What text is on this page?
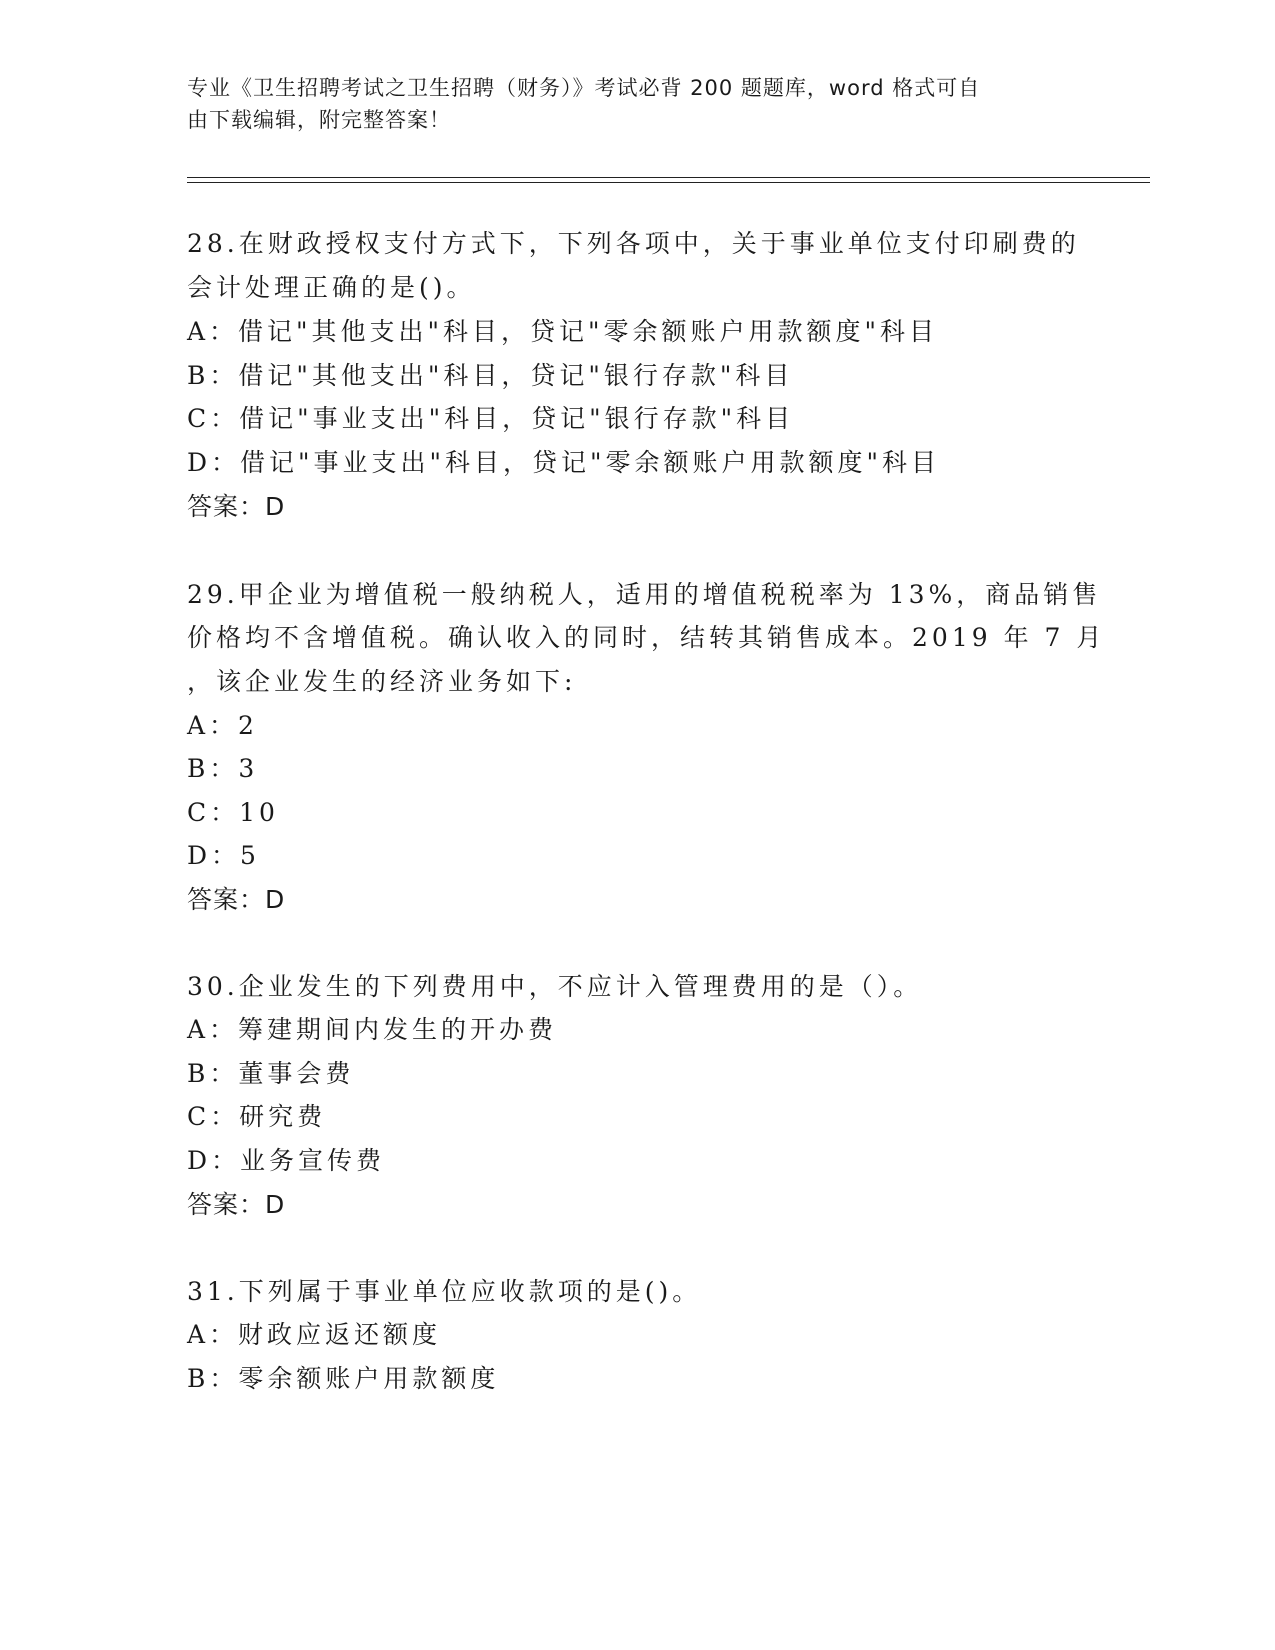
专业《卫生招聘考试之卫生招聘（财务）》考试必背 200 题题库，word 格式可自

由下载编辑，附完整答案！

28.在财政授权支付方式下，下列各项中，关于事业单位支付印刷费的
会计处理正确的是()。
A：借记"其他支出"科目，贷记"零余额账户用款额度"科目
B：借记"其他支出"科目，贷记"银行存款"科目
C：借记"事业支出"科目，贷记"银行存款"科目
D：借记"事业支出"科目，贷记"零余额账户用款额度"科目
答案：D
29.甲企业为增值税一般纳税人，适用的增值税税率为 13%，商品销售
价格均不含增值税。确认收入的同时，结转其销售成本。2019 年 7 月
，该企业发生的经济业务如下:
A：2
B：3
C：10
D：5
答案：D
30.企业发生的下列费用中，不应计入管理费用的是（）。
A：筹建期间内发生的开办费
B：董事会费
C：研究费
D：业务宣传费
答案：D
31.下列属于事业单位应收款项的是()。
A：财政应返还额度
B：零余额账户用款额度
